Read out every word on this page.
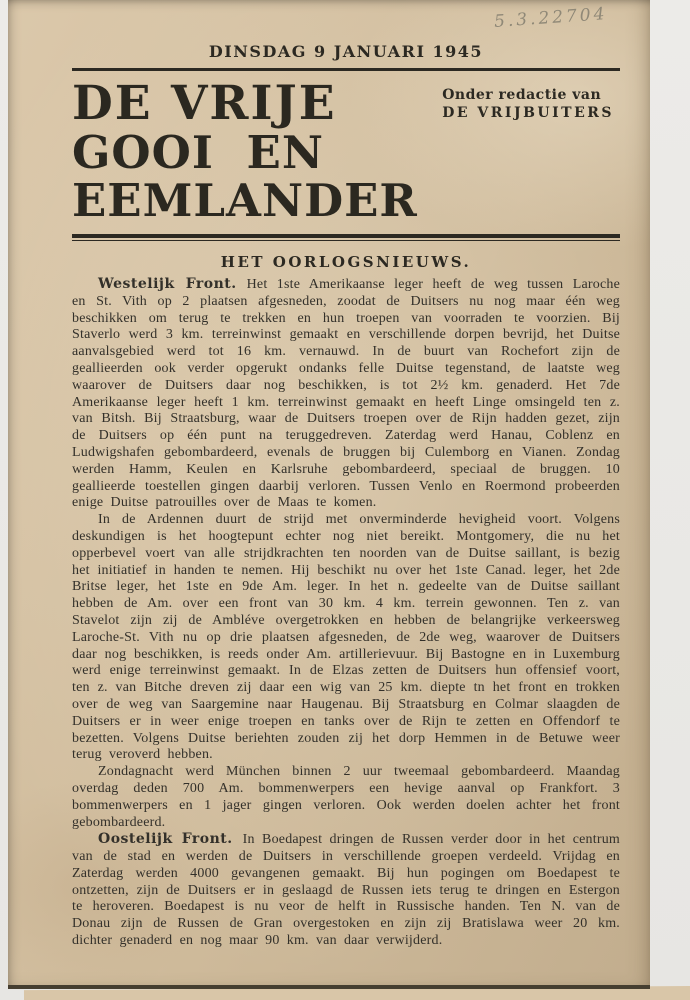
5.3.22704
DINSDAG 9 JANUARI 1945
DE VRIJE
GOOI EN EEMLANDER
Onder redactie van
DE VRIJBUITERS
HET OORLOGSNIEUWS.

Westelijk Front. Het 1ste Amerikaanse leger heeft de weg tussen Laroche en St. Vith op 2 plaatsen afgesneden, zoodat de Duitsers nu nog maar één weg beschikken om terug te trekken en hun troepen van voorraden te voorzien. Bij Staverlo werd 3 km. terreinwinst gemaakt en verschillende dorpen bevrijd, het Duitse aanvalsgebied werd tot 16 km. vernauwd. In de buurt van Rochefort zijn de geallieerden ook verder opgerukt ondanks felle Duitse tegenstand, de laatste weg waarover de Duitsers daar nog beschikken, is tot 2½ km. genaderd. Het 7de Amerikaanse leger heeft 1 km. terreinwinst gemaakt en heeft Linge omsingeld ten z. van Bitsh. Bij Straatsburg, waar de Duitsers troepen over de Rijn hadden gezet, zijn de Duitsers op één punt na teruggedreven. Zaterdag werd Hanau, Coblenz en Ludwigshafen gebombardeerd, evenals de bruggen bij Culemborg en Vianen. Zondag werden Hamm, Keulen en Karlsruhe gebombardeerd, speciaal de bruggen. 10 geallieerde toestellen gingen daarbij verloren. Tussen Venlo en Roermond probeerden enige Duitse patrouilles over de Maas te komen.

In de Ardennen duurt de strijd met onverminderde hevigheid voort. Volgens deskundigen is het hoogtepunt echter nog niet bereikt. Montgomery, die nu het opperbevel voert van alle strijdkrachten ten noorden van de Duitse saillant, is bezig het initiatief in handen te nemen. Hij beschikt nu over het 1ste Canad. leger, het 2de Britse leger, het 1ste en 9de Am. leger. In het n. gedeelte van de Duitse saillant hebben de Am. over een front van 30 km. 4 km. terrein gewonnen. Ten z. van Stavelot zijn zij de Ambléve overgetrokken en hebben de belangrijke verkeersweg Laroche-St. Vith nu op drie plaatsen afgesneden, de 2de weg, waarover de Duitsers daar nog beschikken, is reeds onder Am. artillerievuur. Bij Bastogne en in Luxemburg werd enige terreinwinst gemaakt. In de Elzas zetten de Duitsers hun offensief voort, ten z. van Bitche dreven zij daar een wig van 25 km. diepte tn het front en trokken over de weg van Saargemine naar Haugenau. Bij Straatsburg en Colmar slaagden de Duitsers er in weer enige troepen en tanks over de Rijn te zetten en Offendorf te bezetten. Volgens Duitse beriehten zouden zij het dorp Hemmen in de Betuwe weer terug veroverd hebben.

Zondagnacht werd München binnen 2 uur tweemaal gebombardeerd. Maandag overdag deden 700 Am. bommenwerpers een hevige aanval op Frankfort. 3 bommenwerpers en 1 jager gingen verloren. Ook werden doelen achter het front gebombardeerd.

Oostelijk Front. In Boedapest dringen de Russen verder door in het centrum van de stad en werden de Duitsers in verschillende groepen verdeeld. Vrijdag en Zaterdag werden 4000 gevangenen gemaakt. Bij hun pogingen om Boedapest te ontzetten, zijn de Duitsers er in geslaagd de Russen iets terug te dringen en Estergon te heroveren. Boedapest is nu veor de helft in Russische handen. Ten N. van de Donau zijn de Russen de Gran overgestoken en zijn zij Bratislawa weer 20 km. dichter genaderd en nog maar 90 km. van daar verwijderd.
